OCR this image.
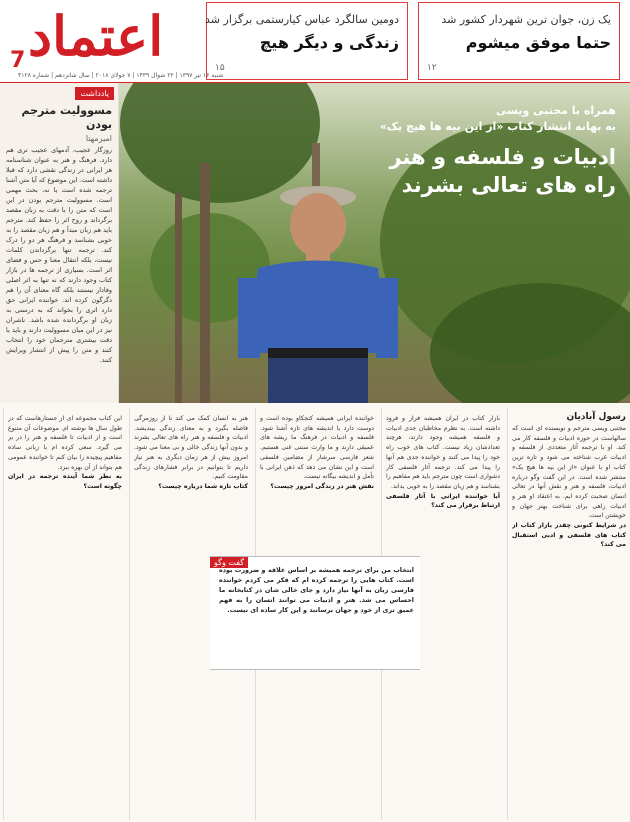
یک زن، جوان ترین شهردار کشور شد
حتما موفق میشوم
۱۲
دومین سالگرد عباس کیارستمی برگزار شد
زندگی و دیگر هیچ
۱۵
اعتماد
7
شنبه ۱۶ تیر ۱۳۹۷ | ۲۲ شوال ۱۴۳۹ | ۷ جولای ۲۰۱۸ | سال شانزدهم | شماره ۴۱۲۸
همراه با مجتبی ویسی
به بهانه انتشار کتاب «از این بیه ها هیچ یک»
ادبیات و فلسفه و هنر
راه های تعالی بشرند
یادداشت
مسوولیت مترجم بودن
امیرمهتا
روزگار عجیب، آدمهای عجیب تری هم دارد. فرهنگ و هنر به عنوان شناسنامه هر ایرانی در زندگی نقشی دارد که قبلا داشته است. این موضوع که آیا متن آشنا ترجمه شده است یا نه، بحث مهمی است. مسوولیت مترجم بودن در این است که متن را با دقت به زبان مقصد برگرداند و روح اثر را حفظ کند. مترجم باید هم زبان مبدأ و هم زبان مقصد را به خوبی بشناسد و فرهنگ هر دو را درک کند. ترجمه تنها برگرداندن کلمات نیست، بلکه انتقال معنا و حس و فضای اثر است. بسیاری از ترجمه ها در بازار کتاب وجود دارند که نه تنها به اثر اصلی وفادار نیستند بلکه گاه معنای آن را هم دگرگون کرده اند. خواننده ایرانی حق دارد اثری را بخواند که به درستی به زبان او برگردانده شده باشد. ناشران نیز در این میان مسوولیت دارند و باید با دقت بیشتری مترجمان خود را انتخاب کنند و متن را پیش از انتشار ویرایش کنند.
رسول آبادیان
مجتبی ویسی مترجم و نویسنده ای است که سالهاست در حوزه ادبیات و فلسفه کار می کند. او با ترجمه آثار متعددی از فلسفه و ادبیات غرب شناخته می شود و تازه ترین کتاب او با عنوان «از این بیه ها هیچ یک» منتشر شده است. در این گفت وگو درباره ادبیات، فلسفه و هنر و نقش آنها در تعالی انسان صحبت کرده ایم. به اعتقاد او هنر و ادبیات راهی برای شناخت بهتر جهان و خویشتن است.
در شرایط کنونی چقدر بازار کتاب از کتاب های فلسفی و ادبی استقبال می کند؟
بازار کتاب در ایران همیشه فراز و فرود داشته است. به نظرم مخاطبان جدی ادبیات و فلسفه همیشه وجود دارند، هرچند تعدادشان زیاد نیست. کتاب های خوب راه خود را پیدا می کنند و خواننده جدی هم آنها را پیدا می کند. ترجمه آثار فلسفی کار دشواری است چون مترجم باید هم مفاهیم را بشناسد و هم زبان مقصد را به خوبی بداند.
آیا خواننده ایرانی با آثار فلسفی ارتباط برقرار می کند؟
خواننده ایرانی همیشه کنجکاو بوده است و دوست دارد با اندیشه های تازه آشنا شود. فلسفه و ادبیات در فرهنگ ما ریشه های عمیقی دارند و ما وارث سنتی غنی هستیم. شعر فارسی سرشار از مضامین فلسفی است و این نشان می دهد که ذهن ایرانی با تأمل و اندیشه بیگانه نیست.
نقش هنر در زندگی امروز چیست؟
هنر به انسان کمک می کند تا از روزمرگی فاصله بگیرد و به معنای زندگی بیندیشد. ادبیات و فلسفه و هنر راه های تعالی بشرند و بدون آنها زندگی خالی و بی معنا می شود. امروز بیش از هر زمان دیگری به هنر نیاز داریم تا بتوانیم در برابر فشارهای زندگی مقاومت کنیم.
کتاب تازه شما درباره چیست؟
این کتاب مجموعه ای از جستارهاست که در طول سال ها نوشته ام. موضوعات آن متنوع است و از ادبیات تا فلسفه و هنر را در بر می گیرد. سعی کرده ام با زبانی ساده مفاهیم پیچیده را بیان کنم تا خواننده عمومی هم بتواند از آن بهره ببرد.
به نظر شما آینده ترجمه در ایران چگونه است؟
گفت وگو
انتخاب من برای ترجمه همیشه بر اساس علاقه و ضرورت بوده است. کتاب هایی را ترجمه کرده ام که فکر می کردم خواننده فارسی زبان به آنها نیاز دارد و جای خالی شان در کتابخانه ما احساس می شد. هنر و ادبیات می توانند انسان را به فهم عمیق تری از خود و جهان برسانند و این کار ساده ای نیست.
